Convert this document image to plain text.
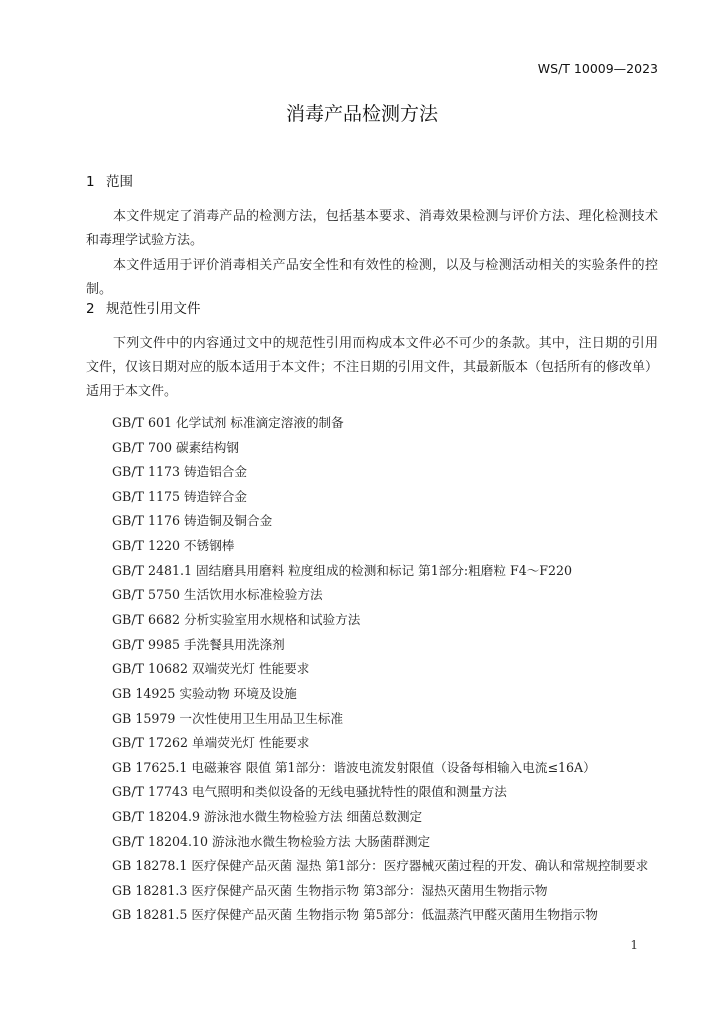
WS/T 10009—2023
消毒产品检测方法
1 范围

本文件规定了消毒产品的检测方法，包括基本要求、消毒效果检测与评价方法、理化检测技术和毒理学试验方法。

本文件适用于评价消毒相关产品安全性和有效性的检测，以及与检测活动相关的实验条件的控制。

2 规范性引用文件

下列文件中的内容通过文中的规范性引用而构成本文件必不可少的条款。其中，注日期的引用文件，仅该日期对应的版本适用于本文件；不注日期的引用文件，其最新版本（包括所有的修改单）适用于本文件。

GB/T 601 化学试剂 标准滴定溶液的制备
GB/T 700 碳素结构钢
GB/T 1173 铸造铝合金
GB/T 1175 铸造锌合金
GB/T 1176 铸造铜及铜合金
GB/T 1220 不锈钢棒
GB/T 2481.1 固结磨具用磨料 粒度组成的检测和标记 第1部分:粗磨粒 F4～F220
GB/T 5750 生活饮用水标准检验方法
GB/T 6682 分析实验室用水规格和试验方法
GB/T 9985 手洗餐具用洗涤剂
GB/T 10682 双端荧光灯 性能要求
GB 14925 实验动物 环境及设施
GB 15979 一次性使用卫生用品卫生标准
GB/T 17262 单端荧光灯 性能要求
GB 17625.1 电磁兼容 限值 第1部分：谐波电流发射限值（设备每相输入电流≤16A）
GB/T 17743 电气照明和类似设备的无线电骚扰特性的限值和测量方法
GB/T 18204.9 游泳池水微生物检验方法 细菌总数测定
GB/T 18204.10 游泳池水微生物检验方法 大肠菌群测定
GB 18278.1 医疗保健产品灭菌 湿热 第1部分：医疗器械灭菌过程的开发、确认和常规控制要求
GB 18281.3 医疗保健产品灭菌 生物指示物 第3部分：湿热灭菌用生物指示物
GB 18281.5 医疗保健产品灭菌 生物指示物 第5部分：低温蒸汽甲醛灭菌用生物指示物
1
